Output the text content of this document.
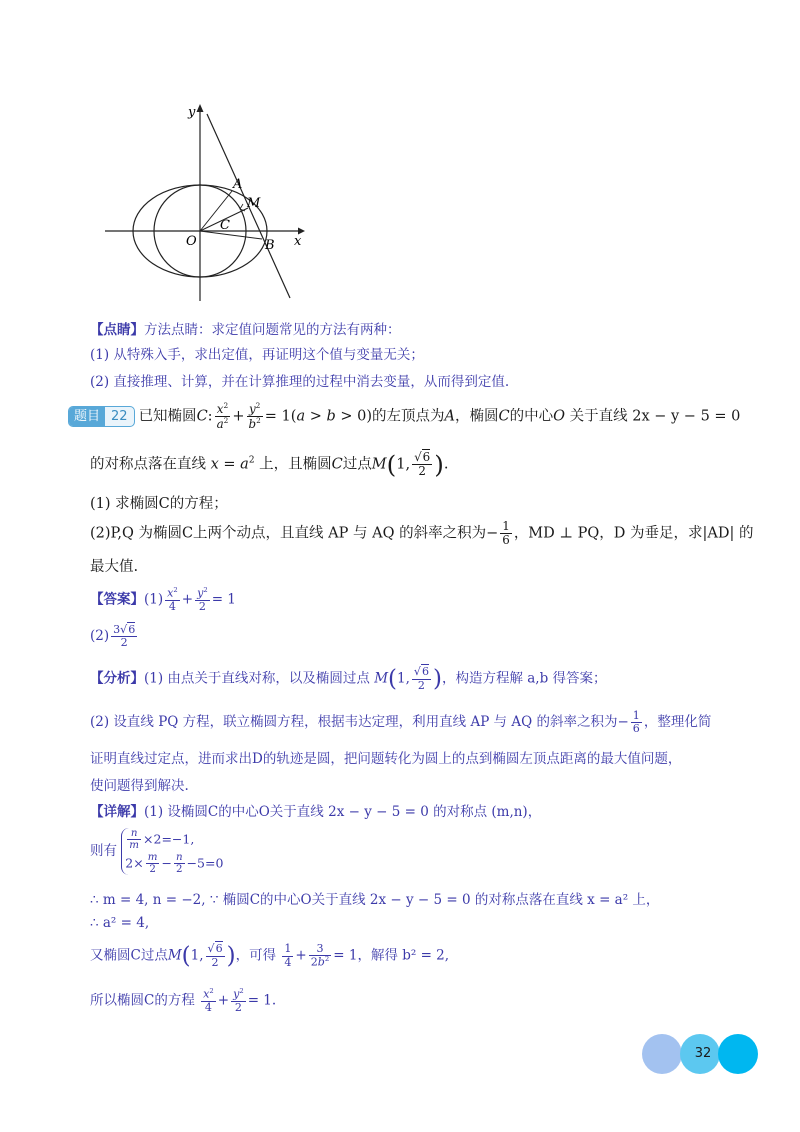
y
x
O
A
M
B
C
【点睛】方法点睛：求定值问题常见的方法有两种：
(1) 从特殊入手，求出定值，再证明这个值与变量无关；
(2) 直接推理、计算，并在计算推理的过程中消去变量，从而得到定值.
题目 22 已知椭圆C: $\frac{x^2}{a^2} + \frac{y^2}{b^2} = 1(a > b > 0)$的左顶点为A，椭圆C的中心O 关于直线 2x − y − 5 = 0
的对称点落在直线 $x = a^2$ 上，且椭圆C过点M(1, $\frac{√6}{2}$ ).
(1) 求椭圆C的方程；
(2)P,Q 为椭圆C上两个动点，且直线 AP 与 AQ 的斜率之积为− $\frac{1}{6}$ ，MD ⊥ PQ，D 为垂足，求|AD| 的
最大值.
【答案】$(1) \frac{x^2}{4} + \frac{y^2}{2} = 1$
$(2) \frac{3√6}{2}$
【分析】(1) 由点关于直线对称，以及椭圆过点 M(1, $\frac{√6}{2}$ )，构造方程解 a,b 得答案；
(2) 设直线 PQ 方程，联立椭圆方程，根据韦达定理，利用直线 AP 与 AQ 的斜率之积为− $\frac{1}{6}$ ，整理化简
证明直线过定点，进而求出D的轨迹是圆，把问题转化为圆上的点到椭圆左顶点距离的最大值问题，
使问题得到解决.
【详解】(1) 设椭圆C的中心O关于直线 2x − y − 5 = 0 的对称点 (m,n)，
则有 $\frac{n}{m} \times 2=-1$,
$2\times \frac{m}{2} - \frac{n}{2} -5=0$
∴ m = 4, n = −2, ∵ 椭圆C的中心O关于直线 2x − y − 5 = 0 的对称点落在直线 x = a² 上，
∴ a² = 4,
又椭圆C过点M(1, $\frac{√6}{2}$ )，可得 $\frac{1}{4} + \frac{3}{2b^2} = 1$，解得 b² = 2,
所以椭圆C的方程 $\frac{x^2}{4} + \frac{y^2}{2} = 1$.
32
